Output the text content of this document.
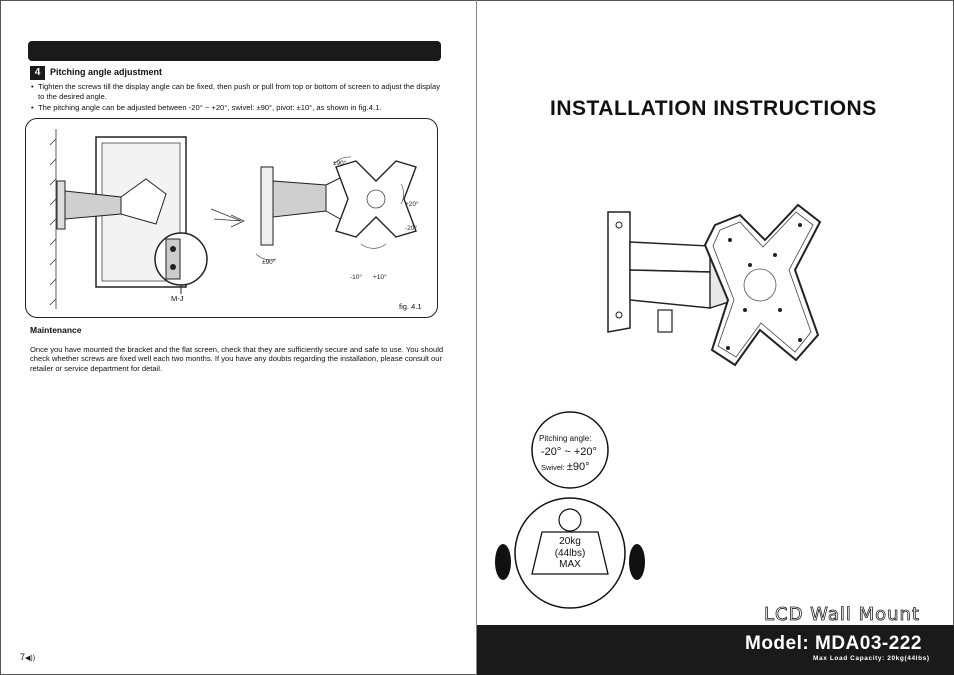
4	Pitching angle adjustment
• Tighten the screws till the display angle can be fixed, then push or pull from top or bottom of screen to adjust the display to the desired angle.
• The pitching angle can be adjusted between -20° ~ +20°, swivel: ±90°, pivot: ±10°, as shown in fig.4.1.
±90°
+20°
-20°
±90°
-10° +10°
M-J
fig. 4.1
Maintenance
Once you have mounted the bracket and the flat screen, check that they are sufficiently secure and safe to use. You should check whether screws are fixed well each two months. If you have any doubts regarding the installation, please consult our retailer or service department for detail.
7◀))
INSTALLATION INSTRUCTIONS
Pitching angle:
-20° ~ +20°
Swivel: ±90°
20kg
(44lbs)
MAX
LCD Wall Mount
Model: MDA03-222
Max Load Capacity: 20kg(44lbs)
